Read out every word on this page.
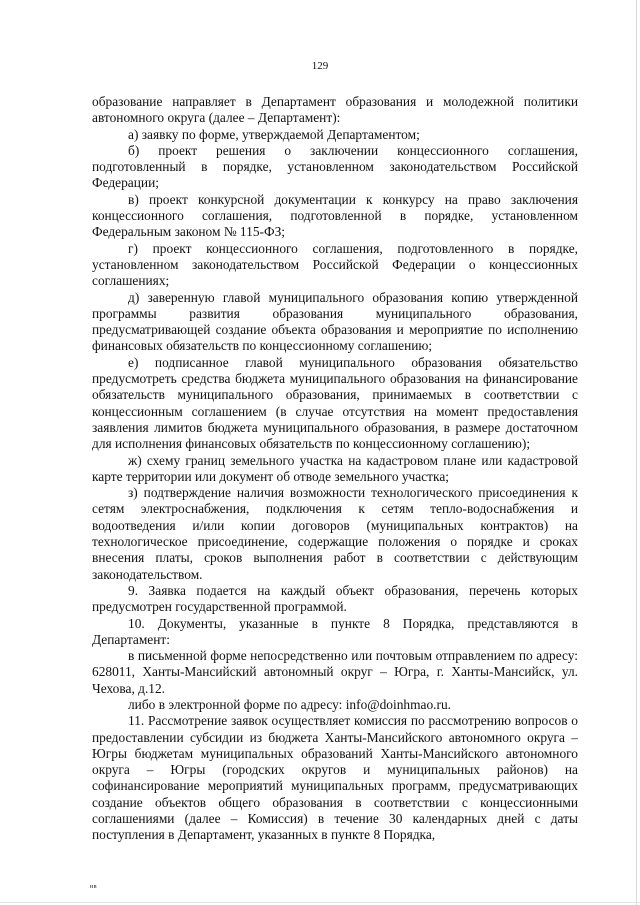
129

образование направляет в Департамент образования и молодежной политики автономного округа (далее – Департамент):

а) заявку по форме, утверждаемой Департаментом;

б) проект решения о заключении концессионного соглашения, подготовленный в порядке, установленном законодательством Российской Федерации;

в) проект конкурсной документации к конкурсу на право заключения концессионного соглашения, подготовленной в порядке, установленном Федеральным законом № 115-ФЗ;

г) проект концессионного соглашения, подготовленного в порядке, установленном законодательством Российской Федерации о концессионных соглашениях;

д) заверенную главой муниципального образования копию утвержденной программы развития образования муниципального образования, предусматривающей создание объекта образования и мероприятие по исполнению финансовых обязательств по концессионному соглашению;

е) подписанное главой муниципального образования обязательство предусмотреть средства бюджета муниципального образования на финансирование обязательств муниципального образования, принимаемых в соответствии с концессионным соглашением (в случае отсутствия на момент предоставления заявления лимитов бюджета муниципального образования, в размере достаточном для исполнения финансовых обязательств по концессионному соглашению);

ж) схему границ земельного участка на кадастровом плане или кадастровой карте территории или документ об отводе земельного участка;

з) подтверждение наличия возможности технологического присоединения к сетям электроснабжения, подключения к сетям тепло-водоснабжения и водоотведения и/или копии договоров (муниципальных контрактов) на технологическое присоединение, содержащие положения о порядке и сроках внесения платы, сроков выполнения работ в соответствии с действующим законодательством.

9. Заявка подается на каждый объект образования, перечень которых предусмотрен государственной программой.

10. Документы, указанные в пункте 8 Порядка, представляются в Департамент:

в письменной форме непосредственно или почтовым отправлением по адресу: 628011, Ханты-Мансийский автономный округ – Югра, г. Ханты-Мансийск, ул. Чехова, д.12.

либо в электронной форме по адресу: info@doinhmao.ru.

11. Рассмотрение заявок осуществляет комиссия по рассмотрению вопросов о предоставлении субсидии из бюджета Ханты-Мансийского автономного округа – Югры бюджетам муниципальных образований Ханты-Мансийского автономного округа – Югры (городских округов и муниципальных районов) на софинансирование мероприятий муниципальных программ, предусматривающих создание объектов общего образования в соответствии с концессионными соглашениями (далее – Комиссия) в течение 30 календарных дней с даты поступления в Департамент, указанных в пункте 8 Порядка,

нв
